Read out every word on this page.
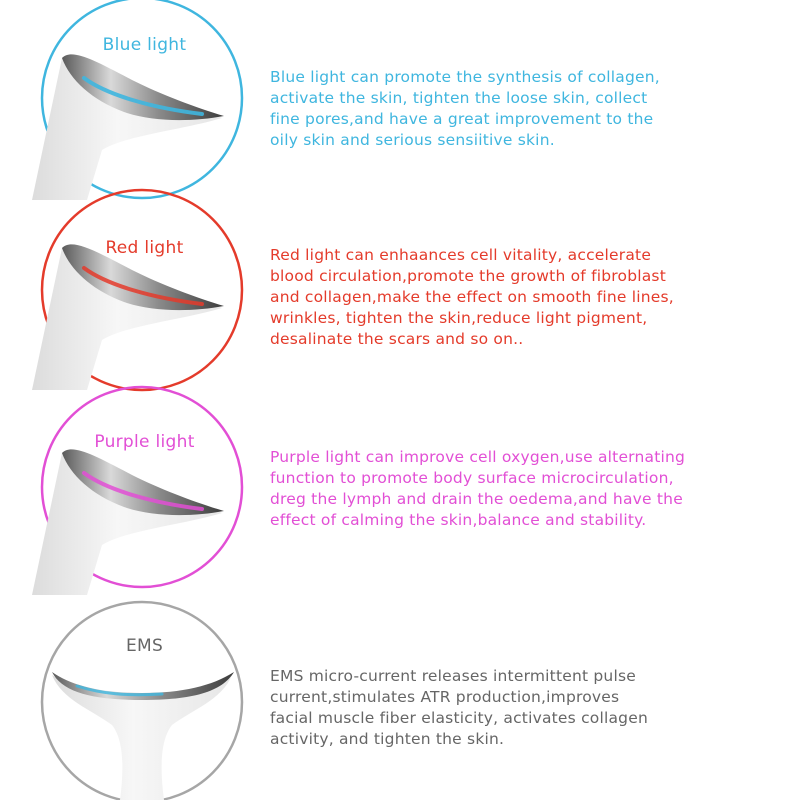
Blue light

Blue light can promote the synthesis of collagen,
activate the skin, tighten the loose skin, collect
fine pores,and have a great improvement to the
oily skin and serious sensiitive skin.

Red light	Red light can enhaances cell vitality, accelerate
blood circulation,promote the growth of fibroblast
and collagen,make the effect on smooth fine lines,
wrinkles, tighten the skin,reduce light pigment,
desalinate the scars and so on..

Purple light

Purple light can improve cell oxygen,use alternating
function to promote body surface microcirculation,
dreg the lymph and drain the oedema,and have the
effect of calming the skin,balance and stability.

EMS

EMS micro-current releases intermittent pulse
current,stimulates ATR production,improves
facial muscle fiber elasticity, activates collagen
activity, and tighten the skin.
